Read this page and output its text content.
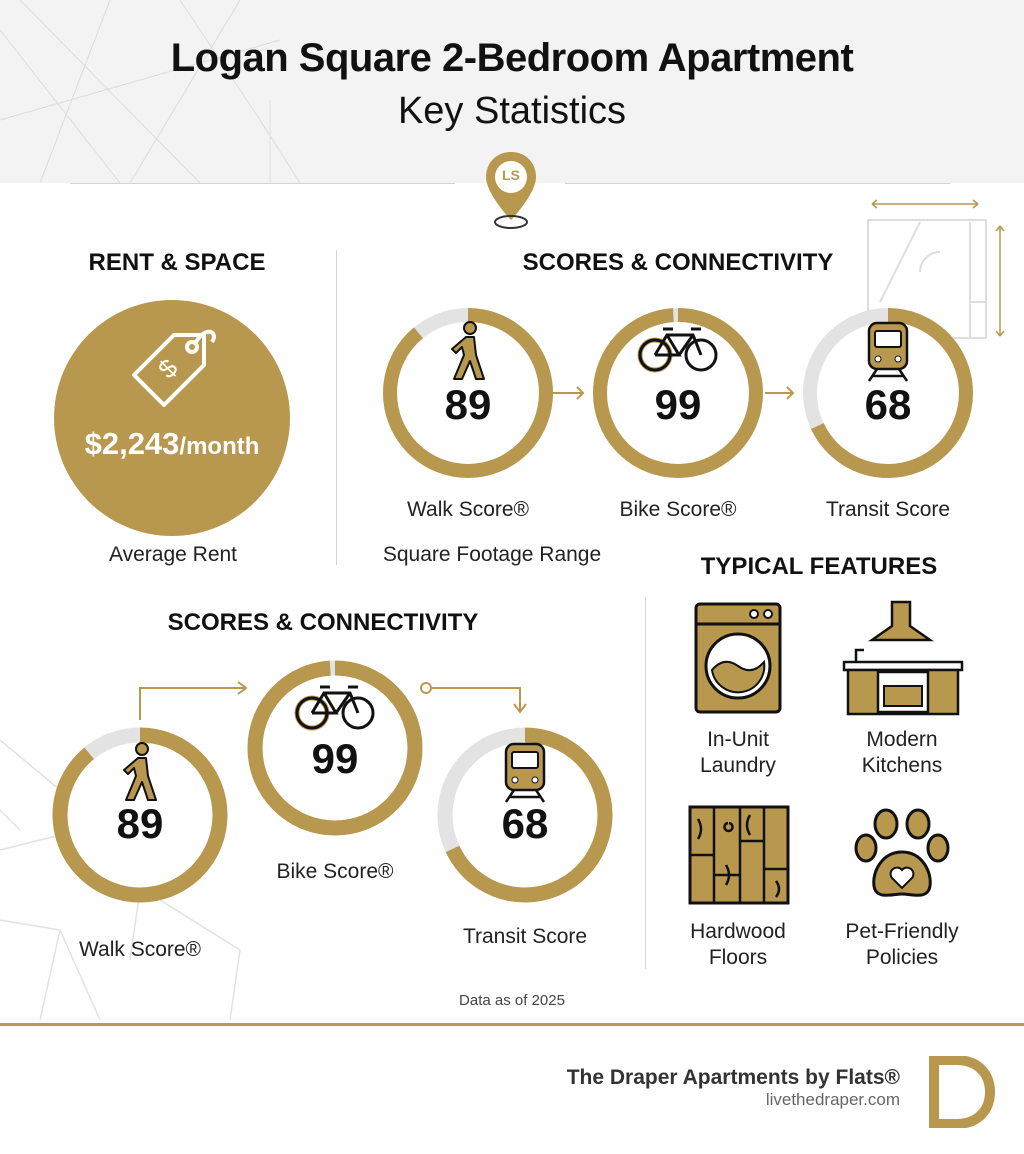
Logan Square 2-Bedroom Apartment
Key Statistics
LS
RENT & SPACE
$
$2,243/month
Average Rent	Square Footage Range
SCORES & CONNECTIVITY
89
Walk Score®
99
Bike Score®
68
Transit Score
TYPICAL FEATURES
In-Unit
Laundry
Modern
Kitchens
Hardwood
Floors
Pet-Friendly
Policies
SCORES & CONNECTIVITY
89
Walk Score®
99
Bike Score®
68
Transit Score
Data as of 2025
The Draper Apartments by Flats®
livethedraper.com
